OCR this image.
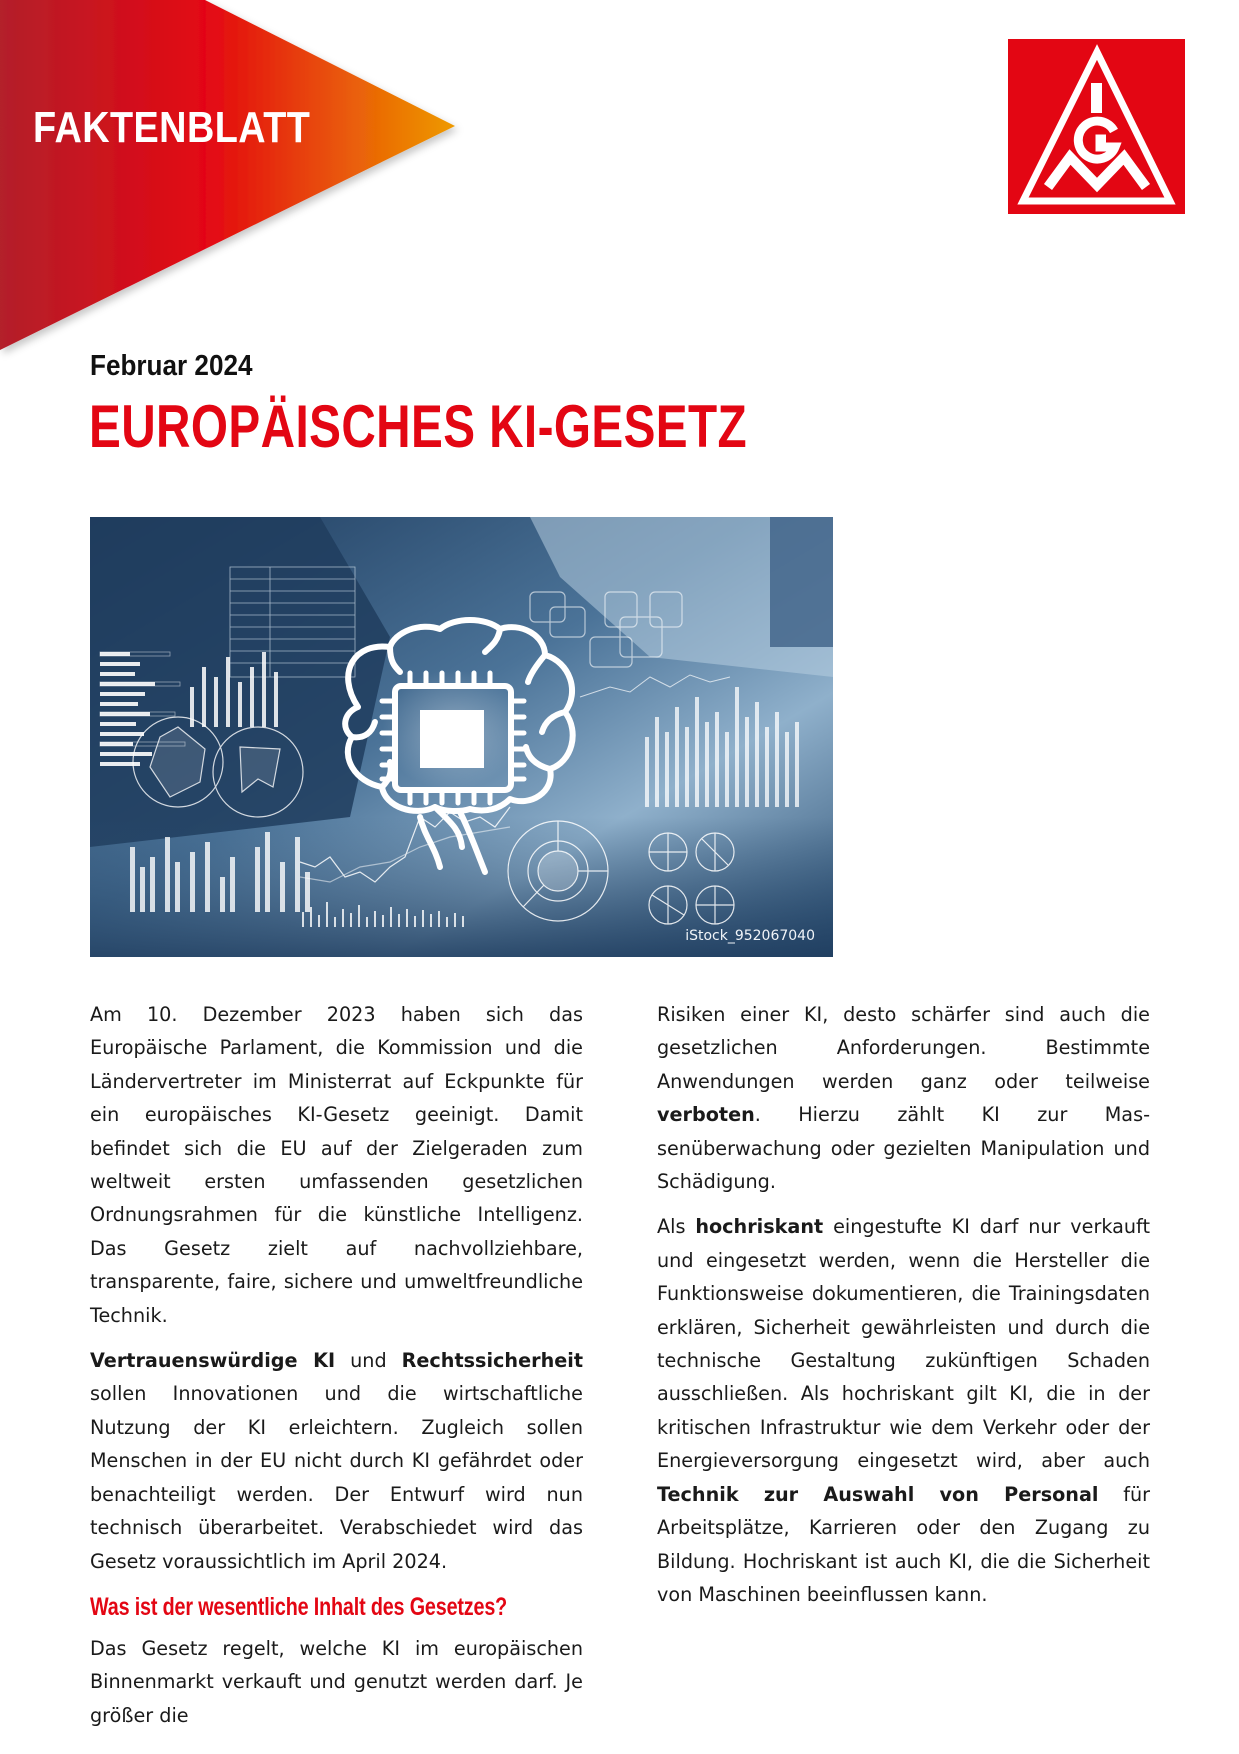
FAKTENBLATT
Februar 2024
EUROPÄISCHES KI-GESETZ
iStock_952067040

Am 10. Dezember 2023 haben sich das Europäische Parlament, die Kommission und die Ländervertreter im Ministerrat auf Eckpunkte für ein europäisches KI-Gesetz geeinigt. Damit befindet sich die EU auf der Zielgeraden zum weltweit ersten umfassenden gesetzlichen Ordnungsrahmen für die künstliche Intelligenz. Das Gesetz zielt auf nachvollziehbare, transparente, faire, sichere und umweltfreundliche Technik.

Vertrauenswürdige KI und Rechtssicherheit sollen Innovationen und die wirtschaftliche Nutzung der KI erleichtern. Zugleich sollen Menschen in der EU nicht durch KI gefährdet oder benachteiligt werden. Der Entwurf wird nun technisch überarbeitet. Verabschiedet wird das Gesetz voraussichtlich im April 2024.

Was ist der wesentliche Inhalt des Gesetzes?

Das Gesetz regelt, welche KI im europäischen Binnenmarkt verkauft und genutzt werden darf. Je größer die

Risiken einer KI, desto schärfer sind auch die gesetzlichen Anforderungen. Bestimmte Anwendungen werden ganz oder teilweise verboten. Hierzu zählt KI zur Massenüberwachung oder gezielten Manipulation und Schädigung.

Als hochriskant eingestufte KI darf nur verkauft und eingesetzt werden, wenn die Hersteller die Funktionsweise dokumentieren, die Trainingsdaten erklären, Sicherheit gewährleisten und durch die technische Gestaltung zukünftigen Schaden ausschließen. Als hochriskant gilt KI, die in der kritischen Infrastruktur wie dem Verkehr oder der Energieversorgung eingesetzt wird, aber auch Technik zur Auswahl von Personal für Arbeitsplätze, Karrieren oder den Zugang zu Bildung. Hochriskant ist auch KI, die die Sicherheit von Maschinen beeinflussen kann.
